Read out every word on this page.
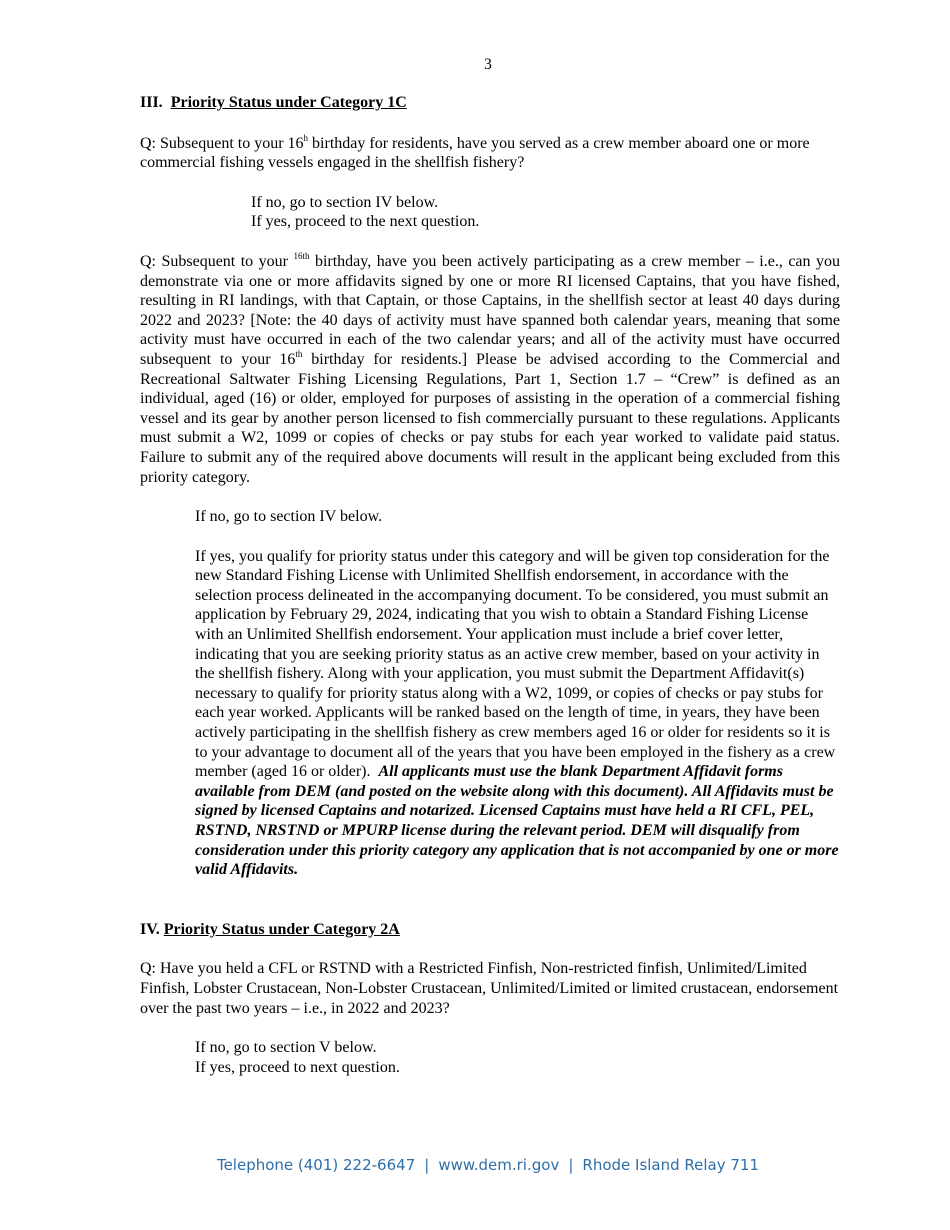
3

III. Priority Status under Category 1C

Q: Subsequent to your 16$^h$ birthday for residents, have you served as a crew member aboard one or more commercial fishing vessels engaged in the shellfish fishery?

If no, go to section IV below.

If yes, proceed to the next question.

Q: Subsequent to your $^{16th}$ birthday, have you been actively participating as a crew member – i.e., can you demonstrate via one or more affidavits signed by one or more RI licensed Captains, that you have fished, resulting in RI landings, with that Captain, or those Captains, in the shellfish sector at least 40 days during 2022 and 2023? [Note: the 40 days of activity must have spanned both calendar years, meaning that some activity must have occurred in each of the two calendar years; and all of the activity must have occurred subsequent to your 16th birthday for residents.] Please be advised according to the Commercial and Recreational Saltwater Fishing Licensing Regulations, Part 1, Section 1.7 – “Crew” is defined as an individual, aged (16) or older, employed for purposes of assisting in the operation of a commercial fishing vessel and its gear by another person licensed to fish commercially pursuant to these regulations. Applicants must submit a W2, 1099 or copies of checks or pay stubs for each year worked to validate paid status. Failure to submit any of the required above documents will result in the applicant being excluded from this priority category.

If no, go to section IV below.

If yes, you qualify for priority status under this category and will be given top consideration for the new Standard Fishing License with Unlimited Shellfish endorsement, in accordance with the selection process delineated in the accompanying document. To be considered, you must submit an application by February 29, 2024, indicating that you wish to obtain a Standard Fishing License with an Unlimited Shellfish endorsement. Your application must include a brief cover letter, indicating that you are seeking priority status as an active crew member, based on your activity in the shellfish fishery. Along with your application, you must submit the Department Affidavit(s) necessary to qualify for priority status along with a W2, 1099, or copies of checks or pay stubs for each year worked. Applicants will be ranked based on the length of time, in years, they have been actively participating in the shellfish fishery as crew members aged 16 or older for residents so it is to your advantage to document all of the years that you have been employed in the fishery as a crew member (aged 16 or older). All applicants must use the blank Department Affidavit forms available from DEM (and posted on the website along with this document). All Affidavits must be signed by licensed Captains and notarized. Licensed Captains must have held a RI CFL, PEL, RSTND, NRSTND or MPURP license during the relevant period. DEM will disqualify from consideration under this priority category any application that is not accompanied by one or more valid Affidavits.

IV. Priority Status under Category 2A

Q: Have you held a CFL or RSTND with a Restricted Finfish, Non-restricted finfish, Unlimited/Limited Finfish, Lobster Crustacean, Non-Lobster Crustacean, Unlimited/Limited or limited crustacean, endorsement over the past two years – i.e., in 2022 and 2023?

If no, go to section V below.

If yes, proceed to next question.

Telephone (401) 222-6647 | www.dem.ri.gov | Rhode Island Relay 711
